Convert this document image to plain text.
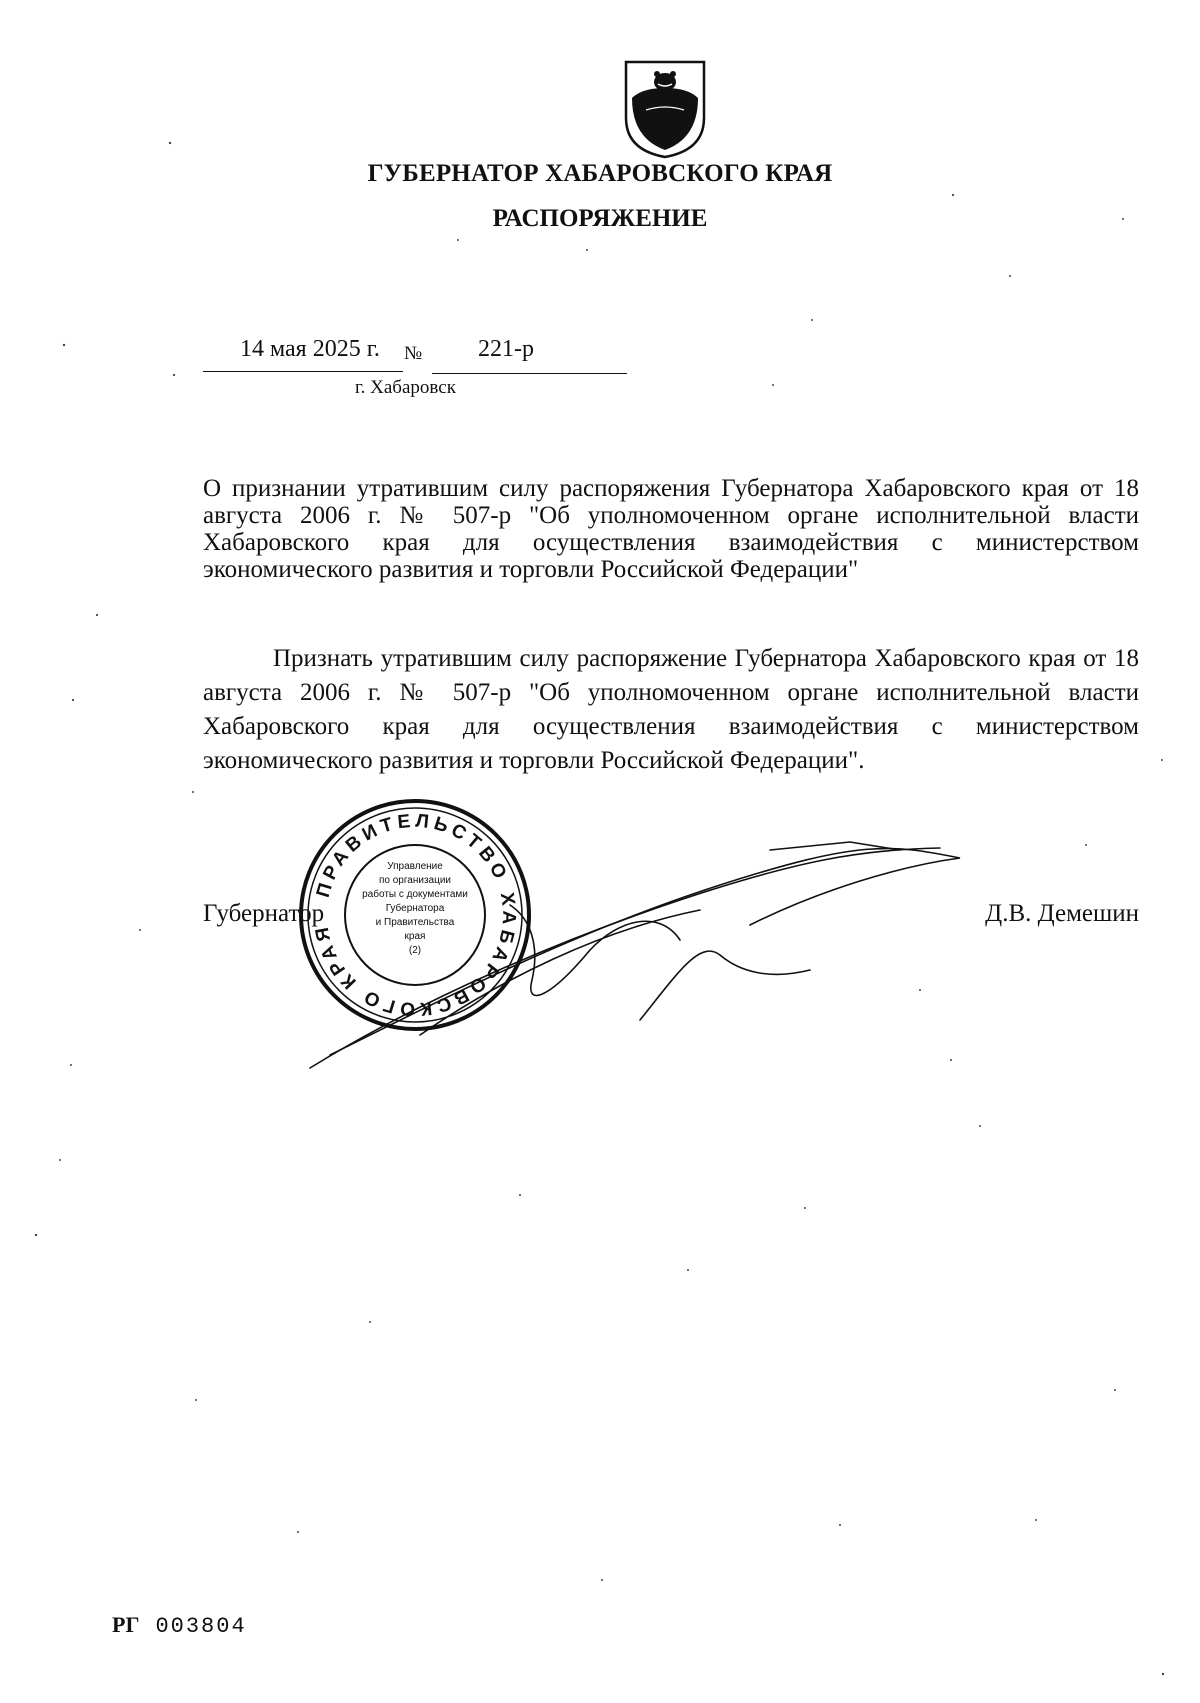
ГУБЕРНАТОР ХАБАРОВСКОГО КРАЯ
РАСПОРЯЖЕНИЕ
14 мая 2025 г. № 221-р
г. Хабаровск
О признании утратившим силу распоряжения Губернатора Хабаровского края от 18 августа 2006 г. № 507-р "Об уполномоченном органе исполнительной власти Хабаровского края для осуществления взаимодействия с министерством экономического развития и торговли Российской Федерации"
Признать утратившим силу распоряжение Губернатора Хабаровского края от 18 августа 2006 г. № 507-р "Об уполномоченном органе исполнительной власти Хабаровского края для осуществления взаимодействия с министерством экономического развития и торговли Российской Федерации".
Губернатор	Д.В. Демешин
ПРАВИТЕЛЬСТВО ХАБАРОВСКОГО КРАЯ
Управление
по организации
работы с документами
Губернатора
и Правительства
края
(2)
РГ 003804
